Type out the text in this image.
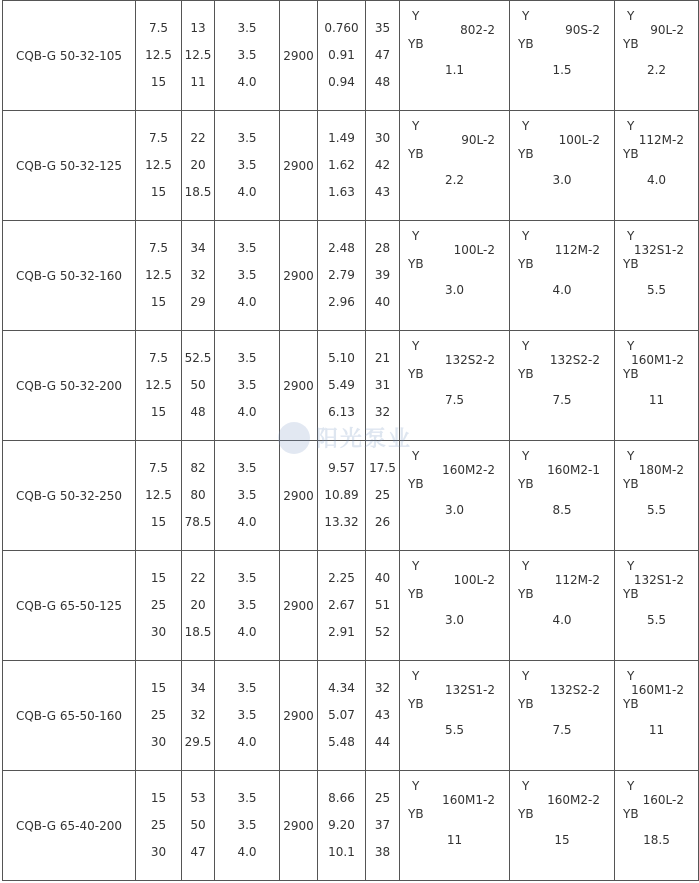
CQB-G 50-32-105	7.5
12.5
15	13
12.5
11	3.5
3.5
4.0	2900	0.760
0.91
0.94	35
47
48	Y
YB
802-2
1.1	Y
YB
90S-2
1.5	Y
YB
90L-2
2.2

CQB-G 50-32-125	7.5
12.5
15	22
20
18.5	3.5
3.5
4.0	2900	1.49
1.62
1.63	30
42
43	Y
YB
90L-2
2.2	Y
YB
100L-2
3.0	Y
YB
112M-2
4.0

CQB-G 50-32-160	7.5
12.5
15	34
32
29	3.5
3.5
4.0	2900	2.48
2.79
2.96	28
39
40	Y
YB
100L-2
3.0	Y
YB
112M-2
4.0	Y
YB
132S1-2
5.5

CQB-G 50-32-200	7.5
12.5
15	52.5
50
48	3.5
3.5
4.0	2900	5.10
5.49
6.13	21
31
32	Y
YB
132S2-2
7.5	Y
YB
132S2-2
7.5	Y
YB
160M1-2
11

CQB-G 50-32-250	7.5
12.5
15	82
80
78.5	3.5
3.5
4.0	2900	9.57
10.89
13.32	17.5
25
26	Y
YB
160M2-2
3.0	Y
YB
160M2-1
8.5	Y
YB
180M-2
5.5

CQB-G 65-50-125	15
25
30	22
20
18.5	3.5
3.5
4.0	2900	2.25
2.67
2.91	40
51
52	Y
YB
100L-2
3.0	Y
YB
112M-2
4.0	Y
YB
132S1-2
5.5

CQB-G 65-50-160	15
25
30	34
32
29.5	3.5
3.5
4.0	2900	4.34
5.07
5.48	32
43
44	Y
YB
132S1-2
5.5	Y
YB
132S2-2
7.5	Y
YB
160M1-2
11

CQB-G 65-40-200	15
25
30	53
50
47	3.5
3.5
4.0	2900	8.66
9.20
10.1	25
37
38	Y
YB
160M1-2
11	Y
YB
160M2-2
15	Y
YB
160L-2
18.5
阳光泵业
